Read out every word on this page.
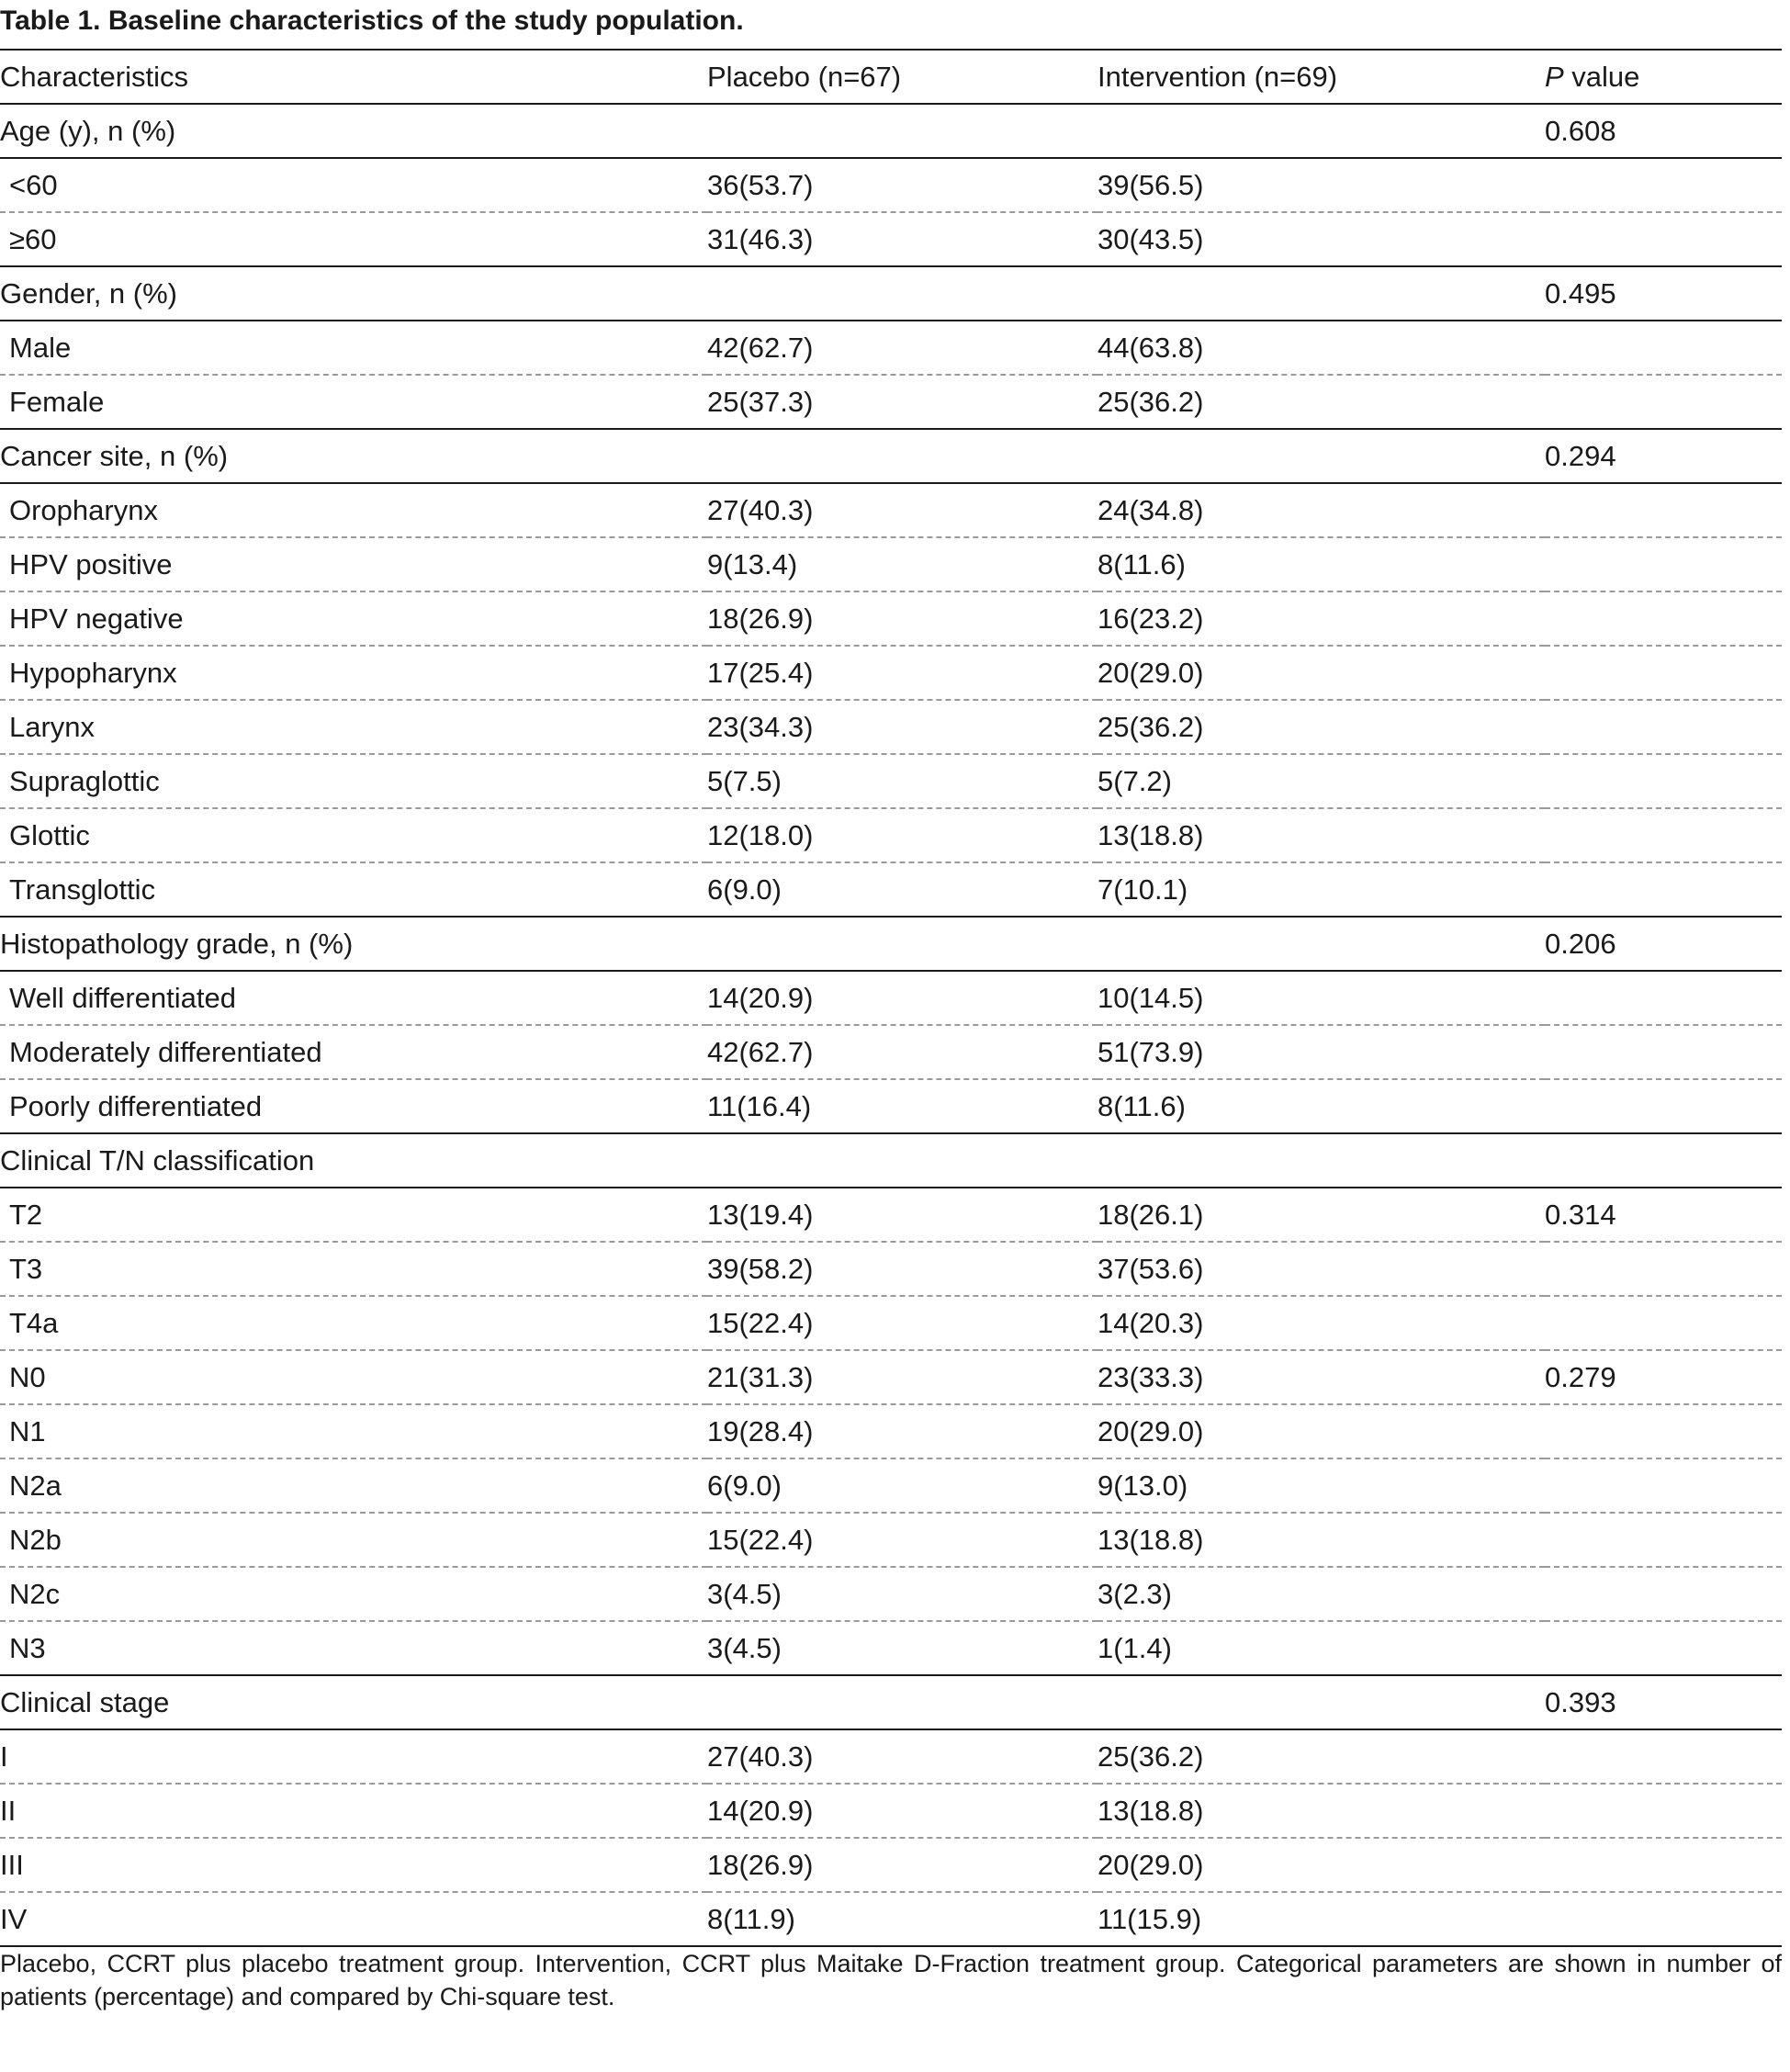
Table 1. Baseline characteristics of the study population.
Characteristics	Placebo (n=67)	Intervention (n=69)	P value
Age (y), n (%)			0.608
<60	36(53.7)	39(56.5)	
≥60	31(46.3)	30(43.5)	
Gender, n (%)			0.495
Male	42(62.7)	44(63.8)	
Female	25(37.3)	25(36.2)	
Cancer site, n (%)			0.294
Oropharynx	27(40.3)	24(34.8)	
HPV positive	9(13.4)	8(11.6)	
HPV negative	18(26.9)	16(23.2)	
Hypopharynx	17(25.4)	20(29.0)	
Larynx	23(34.3)	25(36.2)	
Supraglottic	5(7.5)	5(7.2)	
Glottic	12(18.0)	13(18.8)	
Transglottic	6(9.0)	7(10.1)	
Histopathology grade, n (%)			0.206
Well differentiated	14(20.9)	10(14.5)	
Moderately differentiated	42(62.7)	51(73.9)	
Poorly differentiated	11(16.4)	8(11.6)	
Clinical T/N classification			
T2	13(19.4)	18(26.1)	0.314
T3	39(58.2)	37(53.6)	
T4a	15(22.4)	14(20.3)	
N0	21(31.3)	23(33.3)	0.279
N1	19(28.4)	20(29.0)	
N2a	6(9.0)	9(13.0)	
N2b	15(22.4)	13(18.8)	
N2c	3(4.5)	3(2.3)	
N3	3(4.5)	1(1.4)	
Clinical stage			0.393
I	27(40.3)	25(36.2)	
II	14(20.9)	13(18.8)	
III	18(26.9)	20(29.0)	
IV	8(11.9)	11(15.9)	
Placebo, CCRT plus placebo treatment group. Intervention, CCRT plus Maitake D-Fraction treatment group. Categorical parameters are shown in number of patients (percentage) and compared by Chi-square test.
